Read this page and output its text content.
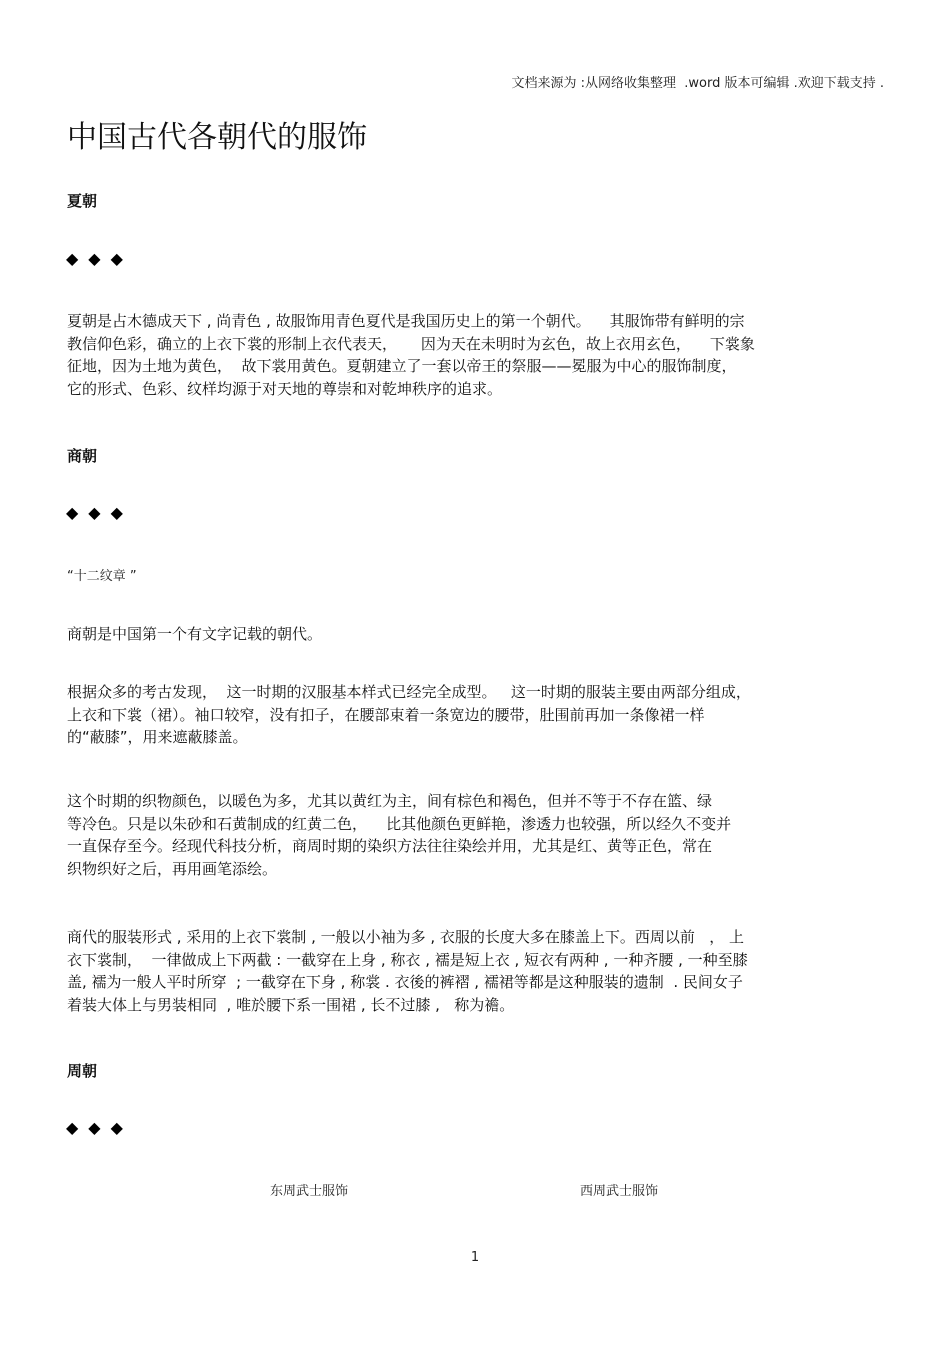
文档来源为 :从网络收集整理  .word 版本可编辑 .欢迎下载支持 .
中国古代各朝代的服饰
夏朝
◆◆◆
夏朝是占木德成天下 , 尚青色 , 故服饰用青色夏代是我国历史上的第一个朝代。    其服饰带有鲜明的宗
教信仰色彩，确立的上衣下裳的形制上衣代表天，     因为天在未明时为玄色，故上衣用玄色，    下裳象
征地，因为土地为黄色，  故下裳用黄色。夏朝建立了一套以帝王的祭服——冕服为中心的服饰制度，
它的形式、色彩、纹样均源于对天地的尊崇和对乾坤秩序的追求。
商朝
◆◆◆
“十二纹章 ”
商朝是中国第一个有文字记载的朝代。
根据众多的考古发现，  这一时期的汉服基本样式已经完全成型。   这一时期的服装主要由两部分组成，
上衣和下裳（裙）。袖口较窄，没有扣子，在腰部束着一条宽边的腰带，肚围前再加一条像裙一样
的“蔽膝”，用来遮蔽膝盖。
这个时期的织物颜色，以暖色为多，尤其以黄红为主，间有棕色和褐色，但并不等于不存在篮、绿
等冷色。只是以朱砂和石黄制成的红黄二色，    比其他颜色更鲜艳，渗透力也较强，所以经久不变并
一直保存至今。经现代科技分析，商周时期的染织方法往往染绘并用，尤其是红、黄等正色，常在
织物织好之后，再用画笔添绘。
商代的服装形式 , 采用的上衣下裳制 , 一般以小袖为多 , 衣服的长度大多在膝盖上下。西周以前   ， 上
衣下裳制，  一律做成上下两截 : 一截穿在上身 , 称衣 , 襦是短上衣 , 短衣有两种 , 一种齐腰 , 一种至膝
盖, 襦为一般人平时所穿  ; 一截穿在下身 , 称裳 . 衣後的裤褶 , 襦裙等都是这种服装的遗制  . 民间女子
着装大体上与男装相同  , 唯於腰下系一围裙 , 长不过膝 ,   称为襜。
周朝
◆◆◆
东周武士服饰	西周武士服饰
1
